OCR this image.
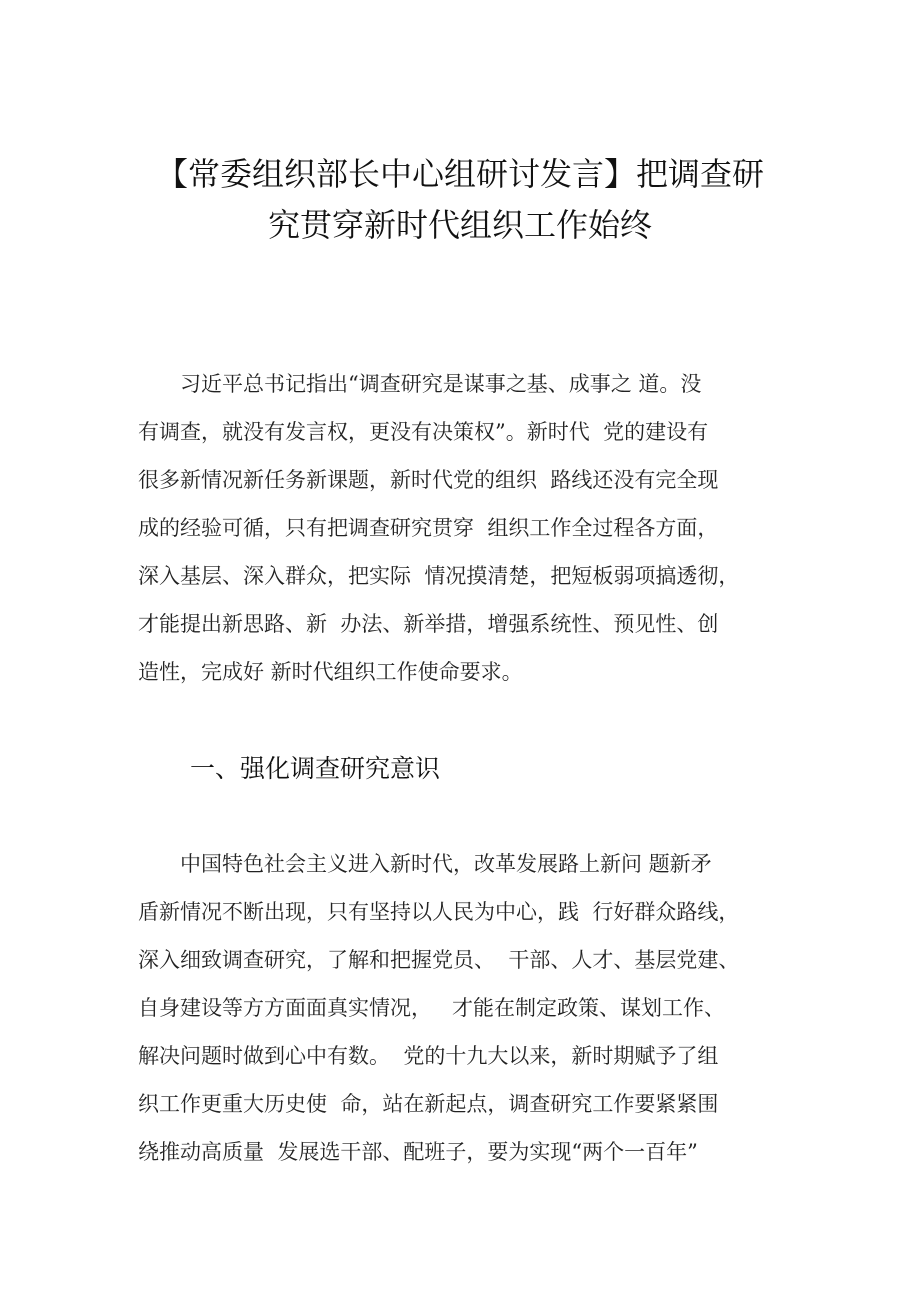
【常委组织部长中心组研讨发言】把调查研
究贯穿新时代组织工作始终
　　习近平总书记指出“调查研究是谋事之基、成事之 道。没
有调查，就没有发言权，更没有决策权”。新时代  党的建设有
很多新情况新任务新课题，新时代党的组织  路线还没有完全现
成的经验可循，只有把调查研究贯穿  组织工作全过程各方面，
深入基层、深入群众，把实际  情况摸清楚，把短板弱项搞透彻，
才能提出新思路、新  办法、新举措，增强系统性、预见性、创
造性，完成好 新时代组织工作使命要求。
一、强化调查研究意识
　　中国特色社会主义进入新时代，改革发展路上新问 题新矛
盾新情况不断出现，只有坚持以人民为中心，践  行好群众路线，
深入细致调查研究，了解和把握党员、  干部、人才、基层党建、
自身建设等方方面面真实情况，   才能在制定政策、谋划工作、
解决问题时做到心中有数。  党的十九大以来，新时期赋予了组
织工作更重大历史使  命，站在新起点，调查研究工作要紧紧围
绕推动高质量  发展选干部、配班子，要为实现“两个一百年”
